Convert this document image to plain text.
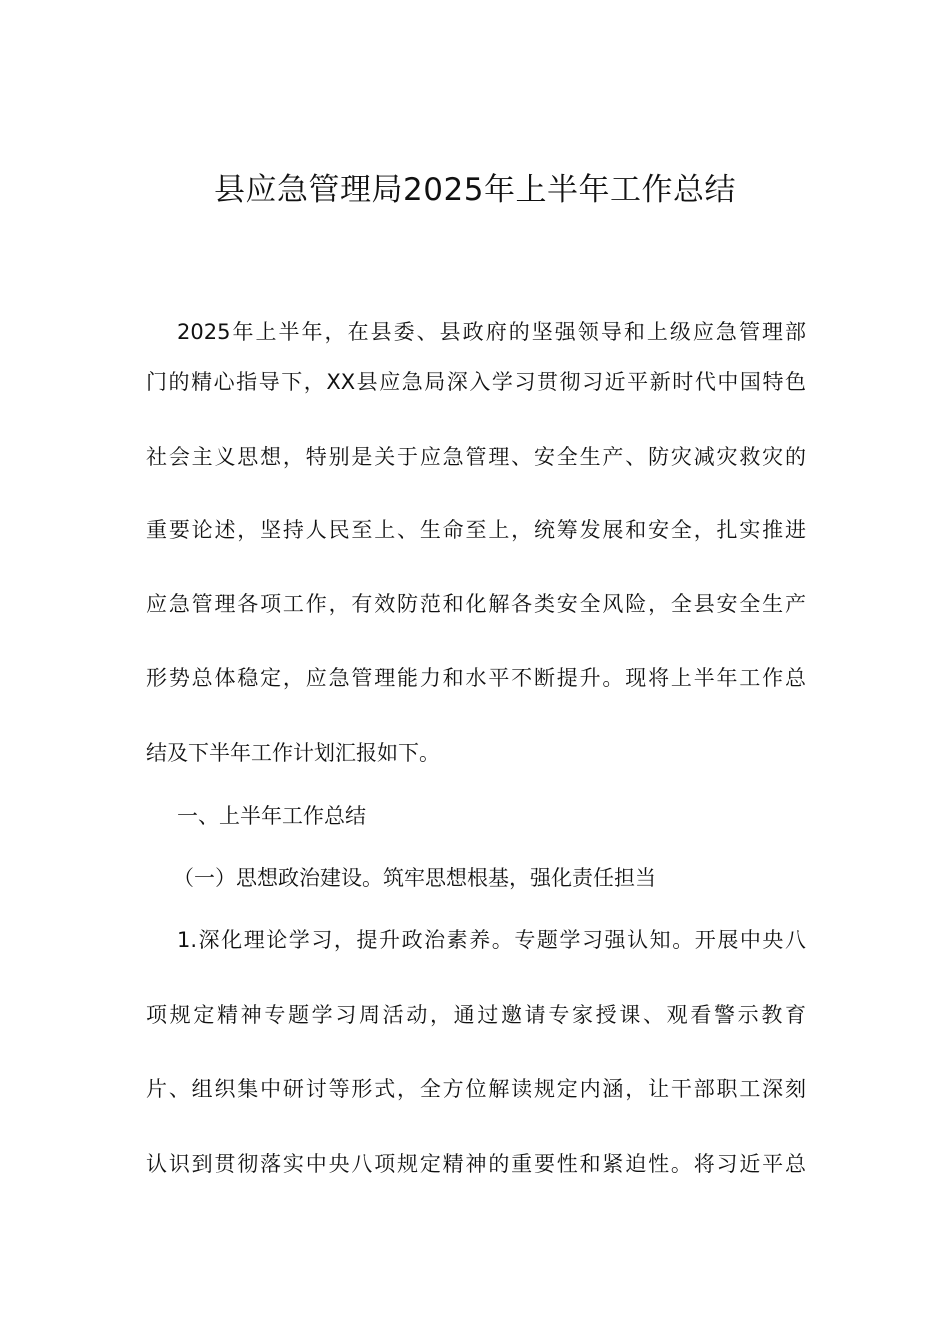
县应急管理局2025年上半年工作总结
2025年上半年，在县委、县政府的坚强领导和上级应急管理部
门的精心指导下，XX县应急局深入学习贯彻习近平新时代中国特色
社会主义思想，特别是关于应急管理、安全生产、防灾减灾救灾的
重要论述，坚持人民至上、生命至上，统筹发展和安全，扎实推进
应急管理各项工作，有效防范和化解各类安全风险，全县安全生产
形势总体稳定，应急管理能力和水平不断提升。现将上半年工作总
结及下半年工作计划汇报如下。
一、上半年工作总结
（一）思想政治建设。筑牢思想根基，强化责任担当
1.深化理论学习，提升政治素养。专题学习强认知。开展中央八
项规定精神专题学习周活动，通过邀请专家授课、观看警示教育
片、组织集中研讨等形式，全方位解读规定内涵，让干部职工深刻
认识到贯彻落实中央八项规定精神的重要性和紧迫性。将习近平总
